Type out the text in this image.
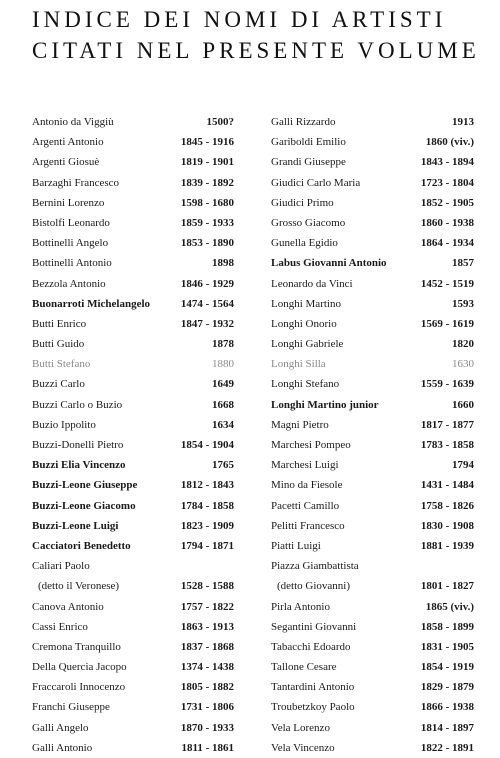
INDICE DEI NOMI DI ARTISTI
CITATI NEL PRESENTE VOLUME
Antonio da Viggiù	1500?
Argenti Antonio	1845 - 1916
Argenti Giosuè	1819 - 1901
Barzaghi Francesco	1839 - 1892
Bernini Lorenzo	1598 - 1680
Bistolfi Leonardo	1859 - 1933
Bottinelli Angelo	1853 - 1890
Bottinelli Antonio	1898
Bezzola Antonio	1846 - 1929
Buonarroti Michelangelo	1474 - 1564
Butti Enrico	1847 - 1932
Butti Guido	1878
Butti Stefano	1880
Buzzi Carlo	1649
Buzzi Carlo o Buzio	1668
Buzio Ippolito	1634
Buzzi-Donelli Pietro	1854 - 1904
Buzzi Elia Vincenzo	1765
Buzzi-Leone Giuseppe	1812 - 1843
Buzzi-Leone Giacomo	1784 - 1858
Buzzi-Leone Luigi	1823 - 1909
Cacciatori Benedetto	1794 - 1871
Caliari Paolo
(detto il Veronese)	1528 - 1588
Canova Antonio	1757 - 1822
Cassi Enrico	1863 - 1913
Cremona Tranquillo	1837 - 1868
Della Quercia Jacopo	1374 - 1438
Fraccaroli Innocenzo	1805 - 1882
Franchi Giuseppe	1731 - 1806
Galli Angelo	1870 - 1933
Galli Antonio	1811 - 1861
Galli Rizzardo	1913
Gariboldi Emilio	1860 (viv.)
Grandi Giuseppe	1843 - 1894
Giudici Carlo Maria	1723 - 1804
Giudici Primo	1852 - 1905
Grosso Giacomo	1860 - 1938
Gunella Egidio	1864 - 1934
Labus Giovanni Antonio	1857
Leonardo da Vinci	1452 - 1519
Longhi Martino	1593
Longhi Onorio	1569 - 1619
Longhi Gabriele	1820
Longhi Silla	1630
Longhi Stefano	1559 - 1639
Longhi Martino junior	1660
Magni Pietro	1817 - 1877
Marchesi Pompeo	1783 - 1858
Marchesi Luigi	1794
Mino da Fiesole	1431 - 1484
Pacetti Camillo	1758 - 1826
Pelitti Francesco	1830 - 1908
Piatti Luigi	1881 - 1939
Piazza Giambattista
(detto Giovanni)	1801 - 1827
Pirla Antonio	1865 (viv.)
Segantini Giovanni	1858 - 1899
Tabacchi Edoardo	1831 - 1905
Tallone Cesare	1854 - 1919
Tantardini Antonio	1829 - 1879
Troubetzkoy Paolo	1866 - 1938
Vela Lorenzo	1814 - 1897
Vela Vincenzo	1822 - 1891
